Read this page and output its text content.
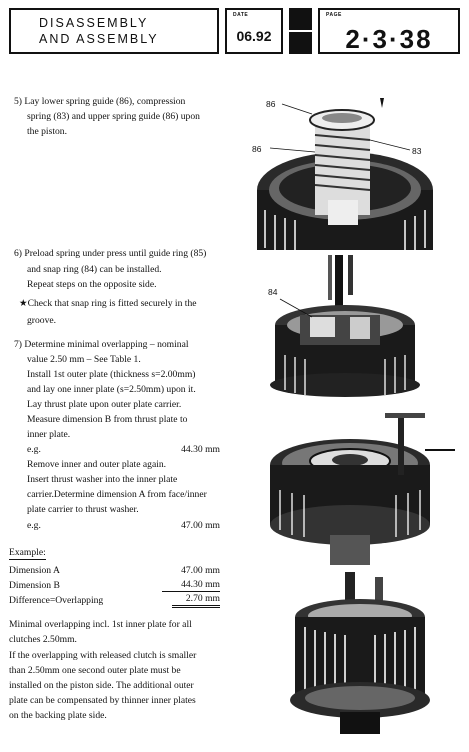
DISASSEMBLY
AND ASSEMBLY
DATE
06.92
PAGE
2·3·38
5) Lay lower spring guide (86), compression
spring (83) and upper spring guide (86) upon
the piston.
6) Preload spring under press until guide ring (85)
and snap ring (84) can be installed.
Repeat steps on the opposite side.
★Check that snap ring is fitted securely in the
groove.
7) Determine minimal overlapping – nominal
value 2.50 mm – See Table 1.
Install 1st outer plate (thickness s=2.00mm)
and lay one inner plate (s=2.50mm) upon it.
Lay thrust plate upon outer plate carrier.
Measure dimension B from thrust plate to
inner plate.
e.g.	44.30 mm
Remove inner and outer plate again.
Insert thrust washer into the inner plate
carrier.Determine dimension A from face/inner
plate carrier to thrust washer.
e.g.	47.00 mm
Example:
Dimension A	47.00 mm
Dimension B	44.30 mm
Difference=Overlapping	2.70 mm
Minimal overlapping incl. 1st inner plate for all
clutches 2.50mm.
If the overlapping with released clutch is smaller
than 2.50mm one second outer plate must be
installed on the piston side. The additional outer
plate can be compensated by thinner inner plates
on the backing plate side.
86
86	83
84
